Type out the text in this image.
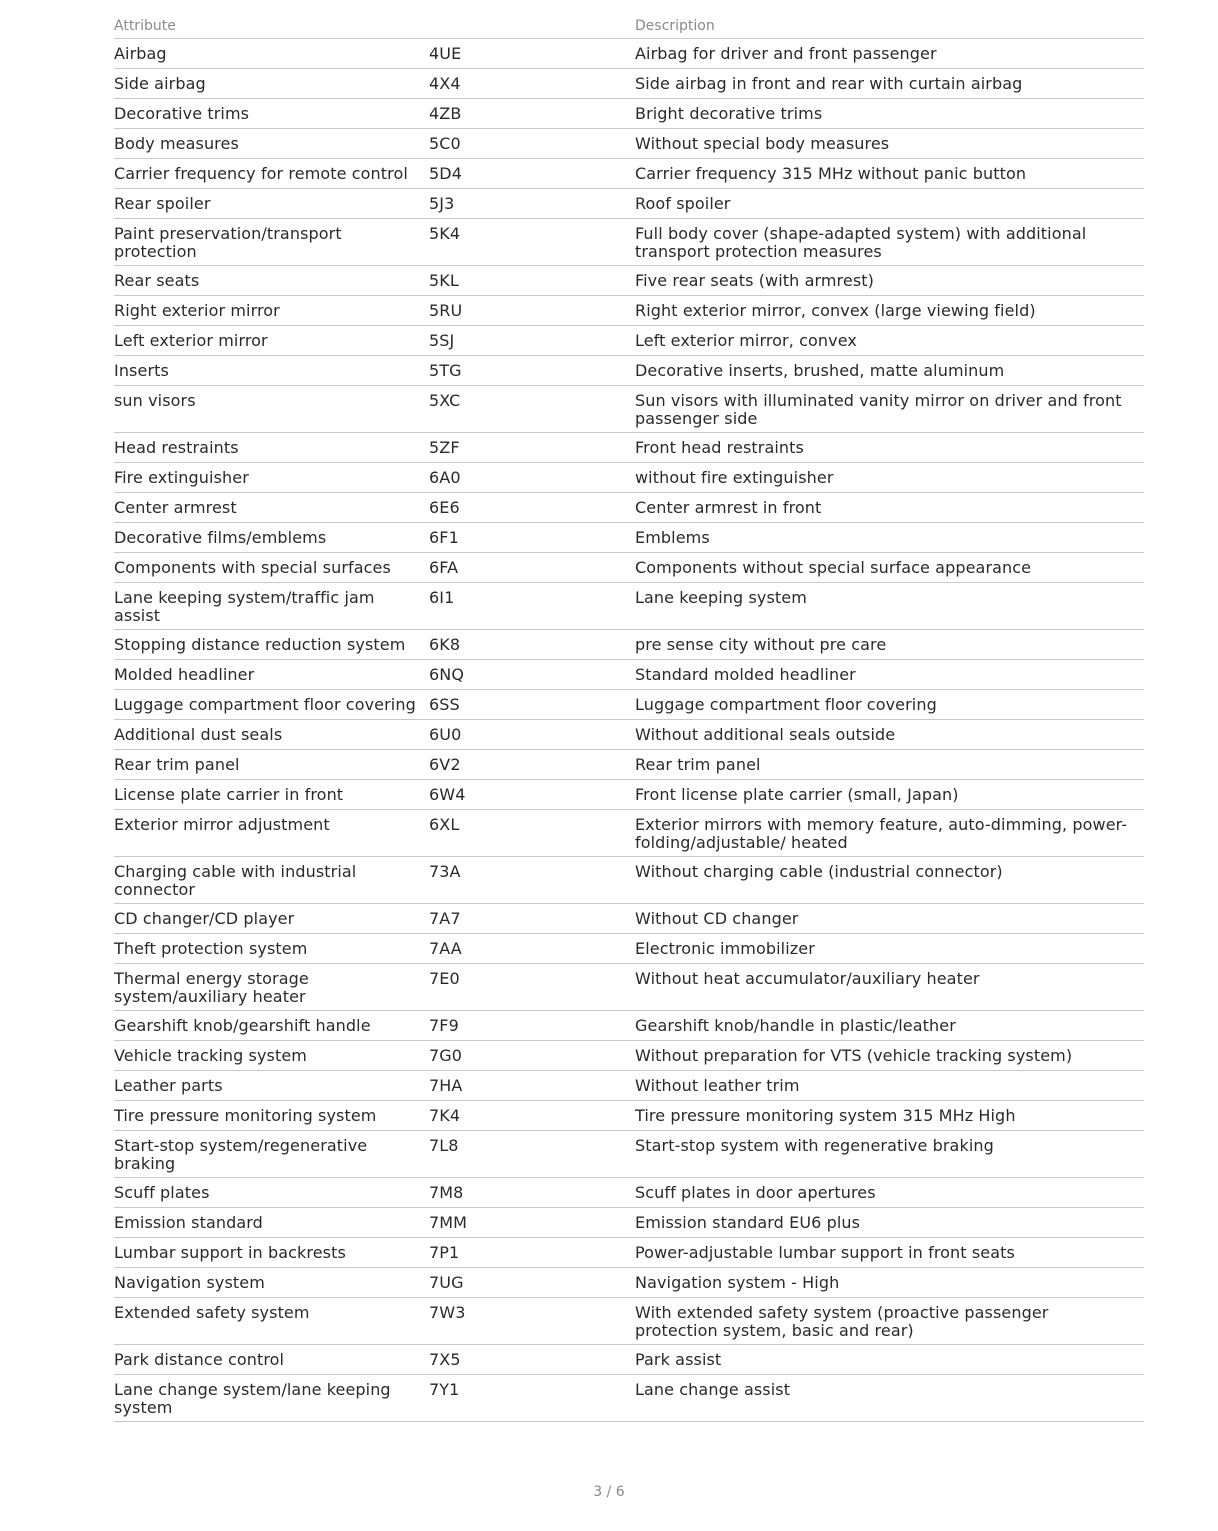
Attribute		Description
Airbag	4UE	Airbag for driver and front passenger
Side airbag	4X4	Side airbag in front and rear with curtain airbag
Decorative trims	4ZB	Bright decorative trims
Body measures	5C0	Without special body measures
Carrier frequency for remote control	5D4	Carrier frequency 315 MHz without panic button
Rear spoiler	5J3	Roof spoiler
Paint preservation/transport protection	5K4	Full body cover (shape-adapted system) with additional transport protection measures
Rear seats	5KL	Five rear seats (with armrest)
Right exterior mirror	5RU	Right exterior mirror, convex (large viewing field)
Left exterior mirror	5SJ	Left exterior mirror, convex
Inserts	5TG	Decorative inserts, brushed, matte aluminum
sun visors	5XC	Sun visors with illuminated vanity mirror on driver and front passenger side
Head restraints	5ZF	Front head restraints
Fire extinguisher	6A0	without fire extinguisher
Center armrest	6E6	Center armrest in front
Decorative films/emblems	6F1	Emblems
Components with special surfaces	6FA	Components without special surface appearance
Lane keeping system/traffic jam assist	6I1	Lane keeping system
Stopping distance reduction system	6K8	pre sense city without pre care
Molded headliner	6NQ	Standard molded headliner
Luggage compartment floor covering	6SS	Luggage compartment floor covering
Additional dust seals	6U0	Without additional seals outside
Rear trim panel	6V2	Rear trim panel
License plate carrier in front	6W4	Front license plate carrier (small, Japan)
Exterior mirror adjustment	6XL	Exterior mirrors with memory feature, auto-dimming, power-folding/adjustable/ heated
Charging cable with industrial connector	73A	Without charging cable (industrial connector)
CD changer/CD player	7A7	Without CD changer
Theft protection system	7AA	Electronic immobilizer
Thermal energy storage system/auxiliary heater	7E0	Without heat accumulator/auxiliary heater
Gearshift knob/gearshift handle	7F9	Gearshift knob/handle in plastic/leather
Vehicle tracking system	7G0	Without preparation for VTS (vehicle tracking system)
Leather parts	7HA	Without leather trim
Tire pressure monitoring system	7K4	Tire pressure monitoring system 315 MHz High
Start-stop system/regenerative braking	7L8	Start-stop system with regenerative braking
Scuff plates	7M8	Scuff plates in door apertures
Emission standard	7MM	Emission standard EU6 plus
Lumbar support in backrests	7P1	Power-adjustable lumbar support in front seats
Navigation system	7UG	Navigation system - High
Extended safety system	7W3	With extended safety system (proactive passenger protection system, basic and rear)
Park distance control	7X5	Park assist
Lane change system/lane keeping system	7Y1	Lane change assist
3 / 6
